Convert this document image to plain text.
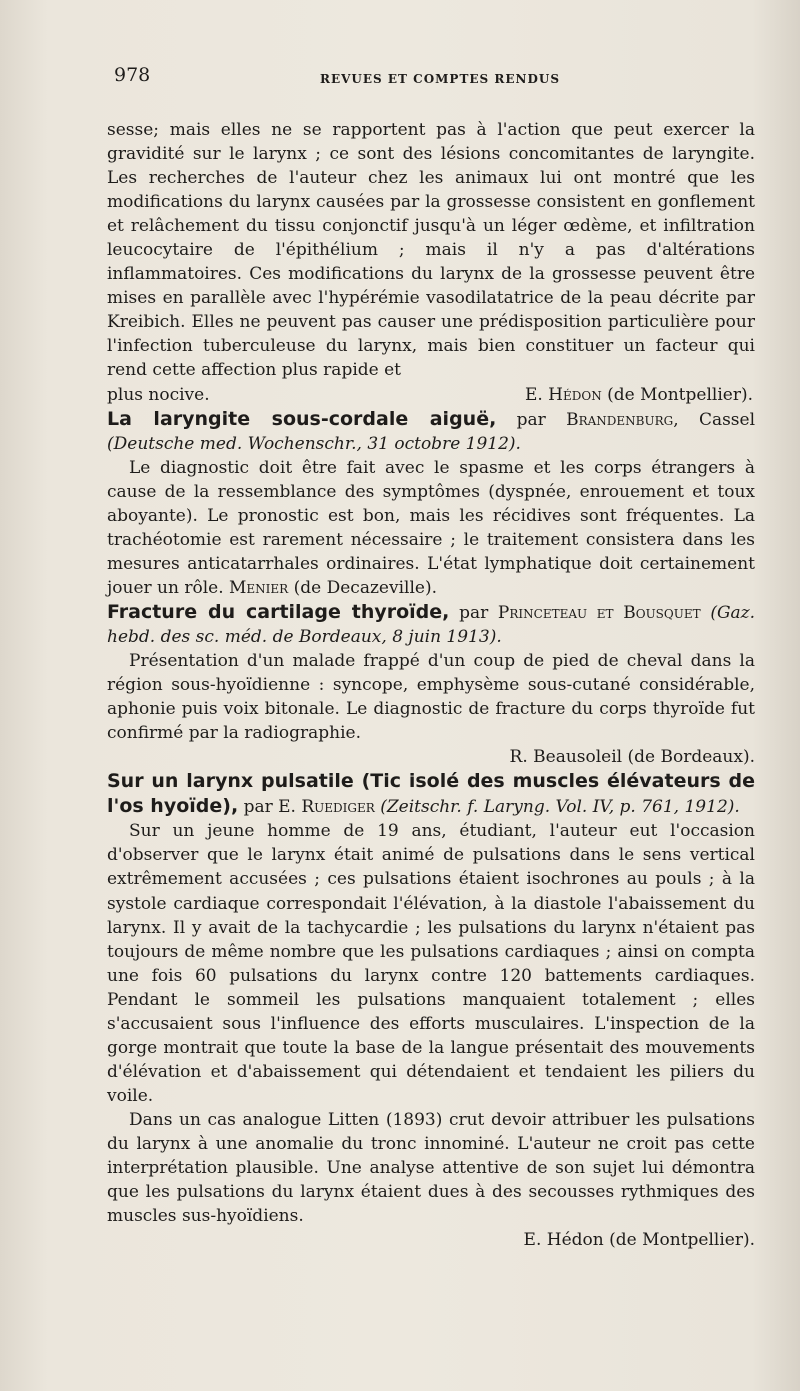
978	REVUES ET COMPTES RENDUS

sesse; mais elles ne se rapportent pas à l'action que peut exercer la gravidité sur le larynx ; ce sont des lésions concomitantes de laryngite. Les recherches de l'auteur chez les animaux lui ont montré que les modifications du larynx causées par la grossesse consistent en gonflement et relâchement du tissu conjonctif jusqu'à un léger œdème, et infiltration leucocytaire de l'épithélium ; mais il n'y a pas d'altérations inflammatoires. Ces modifications du larynx de la grossesse peuvent être mises en parallèle avec l'hypérémie vasodilatatrice de la peau décrite par Kreibich. Elles ne peuvent pas causer une prédisposition particulière pour l'infection tuberculeuse du larynx, mais bien constituer un facteur qui rend cette affection plus rapide et

plus nocive.	E. Hédon (de Montpellier).

La laryngite sous-cordale aiguë, par Brandenburg, Cassel (Deutsche med. Wochenschr., 31 octobre 1912).

Le diagnostic doit être fait avec le spasme et les corps étrangers à cause de la ressemblance des symptômes (dyspnée, enrouement et toux aboyante). Le pronostic est bon, mais les récidives sont fréquentes. La trachéotomie est rarement nécessaire ; le traitement consistera dans les mesures anticatarrhales ordinaires. L'état lymphatique doit certainement jouer un rôle. Menier (de Decazeville).

Fracture du cartilage thyroïde, par Princeteau et Bousquet (Gaz. hebd. des sc. méd. de Bordeaux, 8 juin 1913).

Présentation d'un malade frappé d'un coup de pied de cheval dans la région sous-hyoïdienne : syncope, emphysème sous-cutané considérable, aphonie puis voix bitonale. Le diagnostic de fracture du corps thyroïde fut confirmé par la radiographie.

R. Beausoleil (de Bordeaux).

Sur un larynx pulsatile (Tic isolé des muscles élévateurs de l'os hyoïde), par E. Ruediger (Zeitschr. f. Laryng. Vol. IV, p. 761, 1912).

Sur un jeune homme de 19 ans, étudiant, l'auteur eut l'occasion d'observer que le larynx était animé de pulsations dans le sens vertical extrêmement accusées ; ces pulsations étaient isochrones au pouls ; à la systole cardiaque correspondait l'élévation, à la diastole l'abaissement du larynx. Il y avait de la tachycardie ; les pulsations du larynx n'étaient pas toujours de même nombre que les pulsations cardiaques ; ainsi on compta une fois 60 pulsations du larynx contre 120 battements cardiaques. Pendant le sommeil les pulsations manquaient totalement ; elles s'accusaient sous l'influence des efforts musculaires. L'inspection de la gorge montrait que toute la base de la langue présentait des mouvements d'élévation et d'abaissement qui détendaient et tendaient les piliers du voile.

Dans un cas analogue Litten (1893) crut devoir attribuer les pulsations du larynx à une anomalie du tronc innominé. L'auteur ne croit pas cette interprétation plausible. Une analyse attentive de son sujet lui démontra que les pulsations du larynx étaient dues à des secousses rythmiques des muscles sus-hyoïdiens.

E. Hédon (de Montpellier).
